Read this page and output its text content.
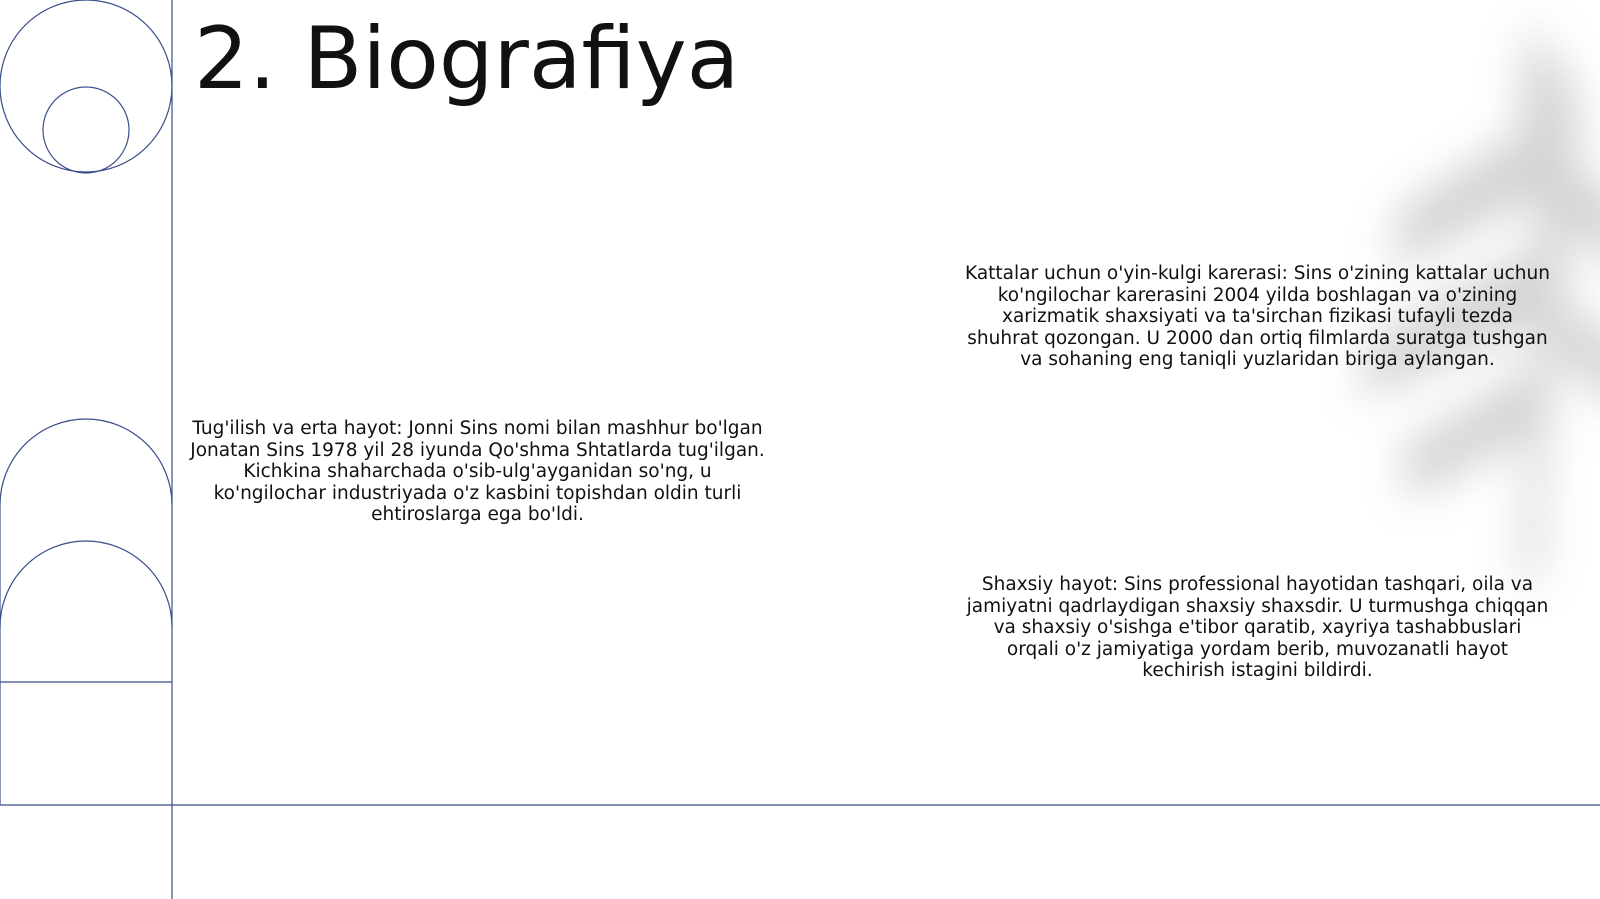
2. Biografiya
Tug'ilish va erta hayot: Jonni Sins nomi bilan mashhur bo'lgan Jonatan Sins 1978 yil 28 iyunda Qo'shma Shtatlarda tug'ilgan. Kichkina shaharchada o'sib-ulg'ayganidan so'ng, u ko'ngilochar industriyada o'z kasbini topishdan oldin turli ehtiroslarga ega bo'ldi.
Kattalar uchun o'yin-kulgi karerasi: Sins o'zining kattalar uchun ko'ngilochar karerasini 2004 yilda boshlagan va o'zining xarizmatik shaxsiyati va ta'sirchan fizikasi tufayli tezda shuhrat qozongan. U 2000 dan ortiq filmlarda suratga tushgan va sohaning eng taniqli yuzlaridan biriga aylangan.
Shaxsiy hayot: Sins professional hayotidan tashqari, oila va jamiyatni qadrlaydigan shaxsiy shaxsdir. U turmushga chiqqan va shaxsiy o'sishga e'tibor qaratib, xayriya tashabbuslari orqali o'z jamiyatiga yordam berib, muvozanatli hayot kechirish istagini bildirdi.
